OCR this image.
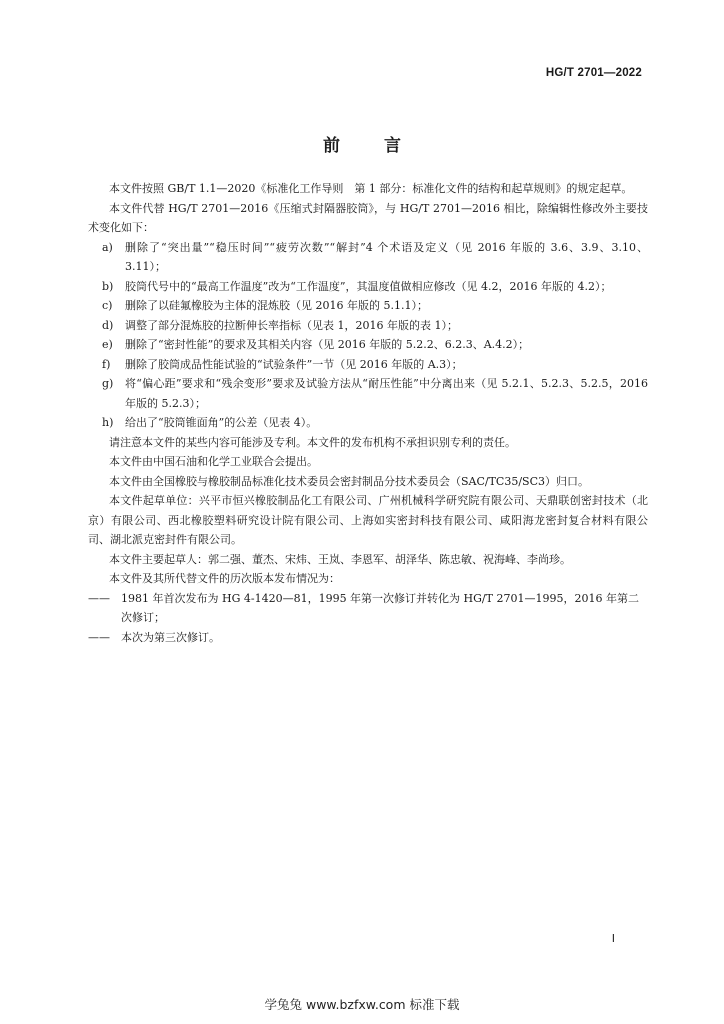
HG/T 2701—2022
前	言

本文件按照 GB/T 1.1—2020《标准化工作导则　第 1 部分：标准化文件的结构和起草规则》的规定起草。

本文件代替 HG/T 2701—2016《压缩式封隔器胶筒》，与 HG/T 2701—2016 相比，除编辑性修改外主要技术变化如下：

a) 删除了“突出量”“稳压时间”“疲劳次数”“解封”4 个术语及定义（见 2016 年版的 3.6、3.9、3.10、3.11）；

b) 胶筒代号中的“最高工作温度”改为“工作温度”，其温度值做相应修改（见 4.2，2016 年版的 4.2）；

c) 删除了以硅氟橡胶为主体的混炼胶（见 2016 年版的 5.1.1）；

d) 调整了部分混炼胶的拉断伸长率指标（见表 1，2016 年版的表 1）；

e) 删除了“密封性能”的要求及其相关内容（见 2016 年版的 5.2.2、6.2.3、A.4.2）；

f) 删除了胶筒成品性能试验的“试验条件”一节（见 2016 年版的 A.3）；

g) 将“偏心距”要求和“残余变形”要求及试验方法从“耐压性能”中分离出来（见 5.2.1、5.2.3、5.2.5，2016 年版的 5.2.3）；

h) 给出了“胶筒锥面角”的公差（见表 4）。

请注意本文件的某些内容可能涉及专利。本文件的发布机构不承担识别专利的责任。

本文件由中国石油和化学工业联合会提出。

本文件由全国橡胶与橡胶制品标准化技术委员会密封制品分技术委员会（SAC/TC35/SC3）归口。

本文件起草单位：兴平市恒兴橡胶制品化工有限公司、广州机械科学研究院有限公司、天鼎联创密封技术（北京）有限公司、西北橡胶塑料研究设计院有限公司、上海如实密封科技有限公司、咸阳海龙密封复合材料有限公司、湖北派克密封件有限公司。

本文件主要起草人：郭二强、董杰、宋炜、王岚、李恩军、胡泽华、陈忠敏、祝海峰、李尚珍。

本文件及其所代替文件的历次版本发布情况为：

—— 1981 年首次发布为 HG 4-1420—81，1995 年第一次修订并转化为 HG/T 2701—1995，2016 年第二次修订；

—— 本次为第三次修订。

I
学兔兔 www.bzfxw.com 标准下载
